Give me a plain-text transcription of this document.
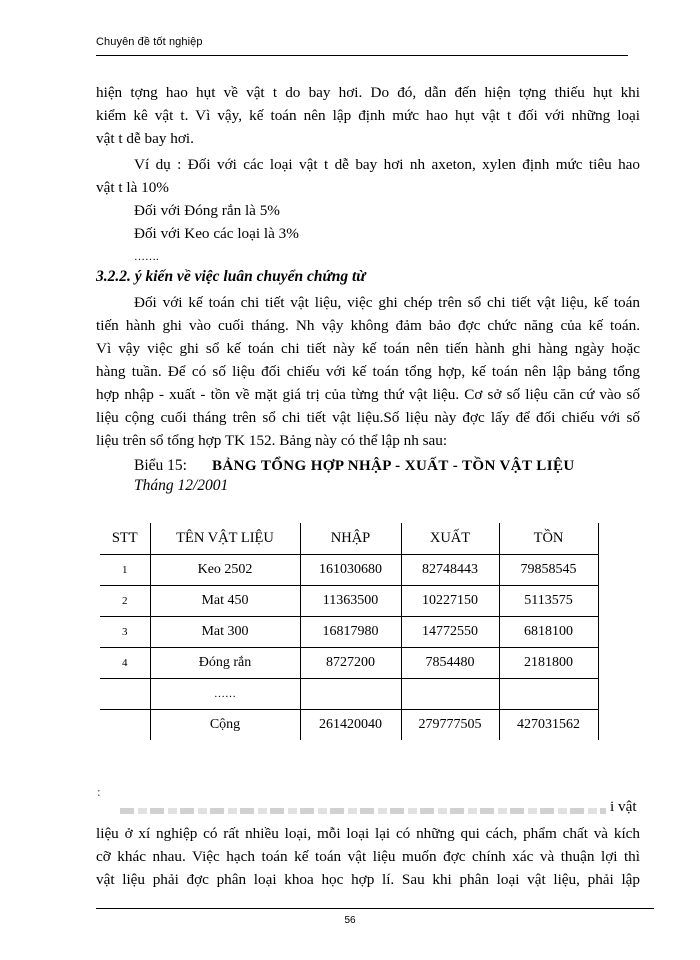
Chuyên đề tốt nghiệp
hiện tợng hao hụt về vật t do bay hơi. Do đó, dẫn đến hiện tợng thiếu hụt khi
kiểm kê vật t. Vì vậy, kế toán nên lập định mức hao hụt vật t đối với những loại
vật t dễ bay hơi.
Ví dụ : Đối với các loại vật t dễ bay hơi nh axeton, xylen định mức tiêu hao
vật t là 10%
Đối với Đóng rắn là 5%
Đối với Keo các loại là 3%
…….
3.2.2. ý kiến về việc luân chuyển chứng từ
Đối với kế toán chi tiết vật liệu, việc ghi chép trên sổ chi tiết vật liệu, kế toán
tiến hành ghi vào cuối tháng. Nh vậy không đảm bảo đợc chức năng của kế toán.
Vì vậy việc ghi sổ kế toán chi tiết này kế toán nên tiến hành ghi hàng ngày hoặc
hàng tuần. Để có số liệu đối chiếu với kế toán tổng hợp, kế toán nên lập bảng tổng
hợp nhập - xuất - tồn về mặt giá trị của từng thứ vật liệu. Cơ sở số liệu căn cứ vào số
liệu cộng cuối tháng trên sổ chi tiết vật liệu.Số liệu này đợc lấy để đối chiếu với số
liệu trên sổ tổng hợp TK 152. Bảng này có thể lập nh sau:
Biểu 15: BẢNG TỔNG HỢP NHẬP - XUẤT - TỒN VẬT LIỆU
Tháng 12/2001
STT	TÊN VẬT LIỆU	NHẬP	XUẤT	TỒN
1	Keo 2502	161030680	82748443	79858545
2	Mat 450	11363500	10227150	5113575
3	Mat 300	16817980	14772550	6818100
4	Đóng rắn	8727200	7854480	2181800
	……			
	Cộng	261420040	279777505	427031562
:
i vật
liệu ở xí nghiệp có rất nhiều loại, mỗi loại lại có những qui cách, phẩm chất và kích
cỡ khác nhau. Việc hạch toán kế toán vật liệu muốn đợc chính xác và thuận lợi thì
vật liệu phải đợc phân loại khoa học hợp lí. Sau khi phân loại vật liệu, phải lập
56
